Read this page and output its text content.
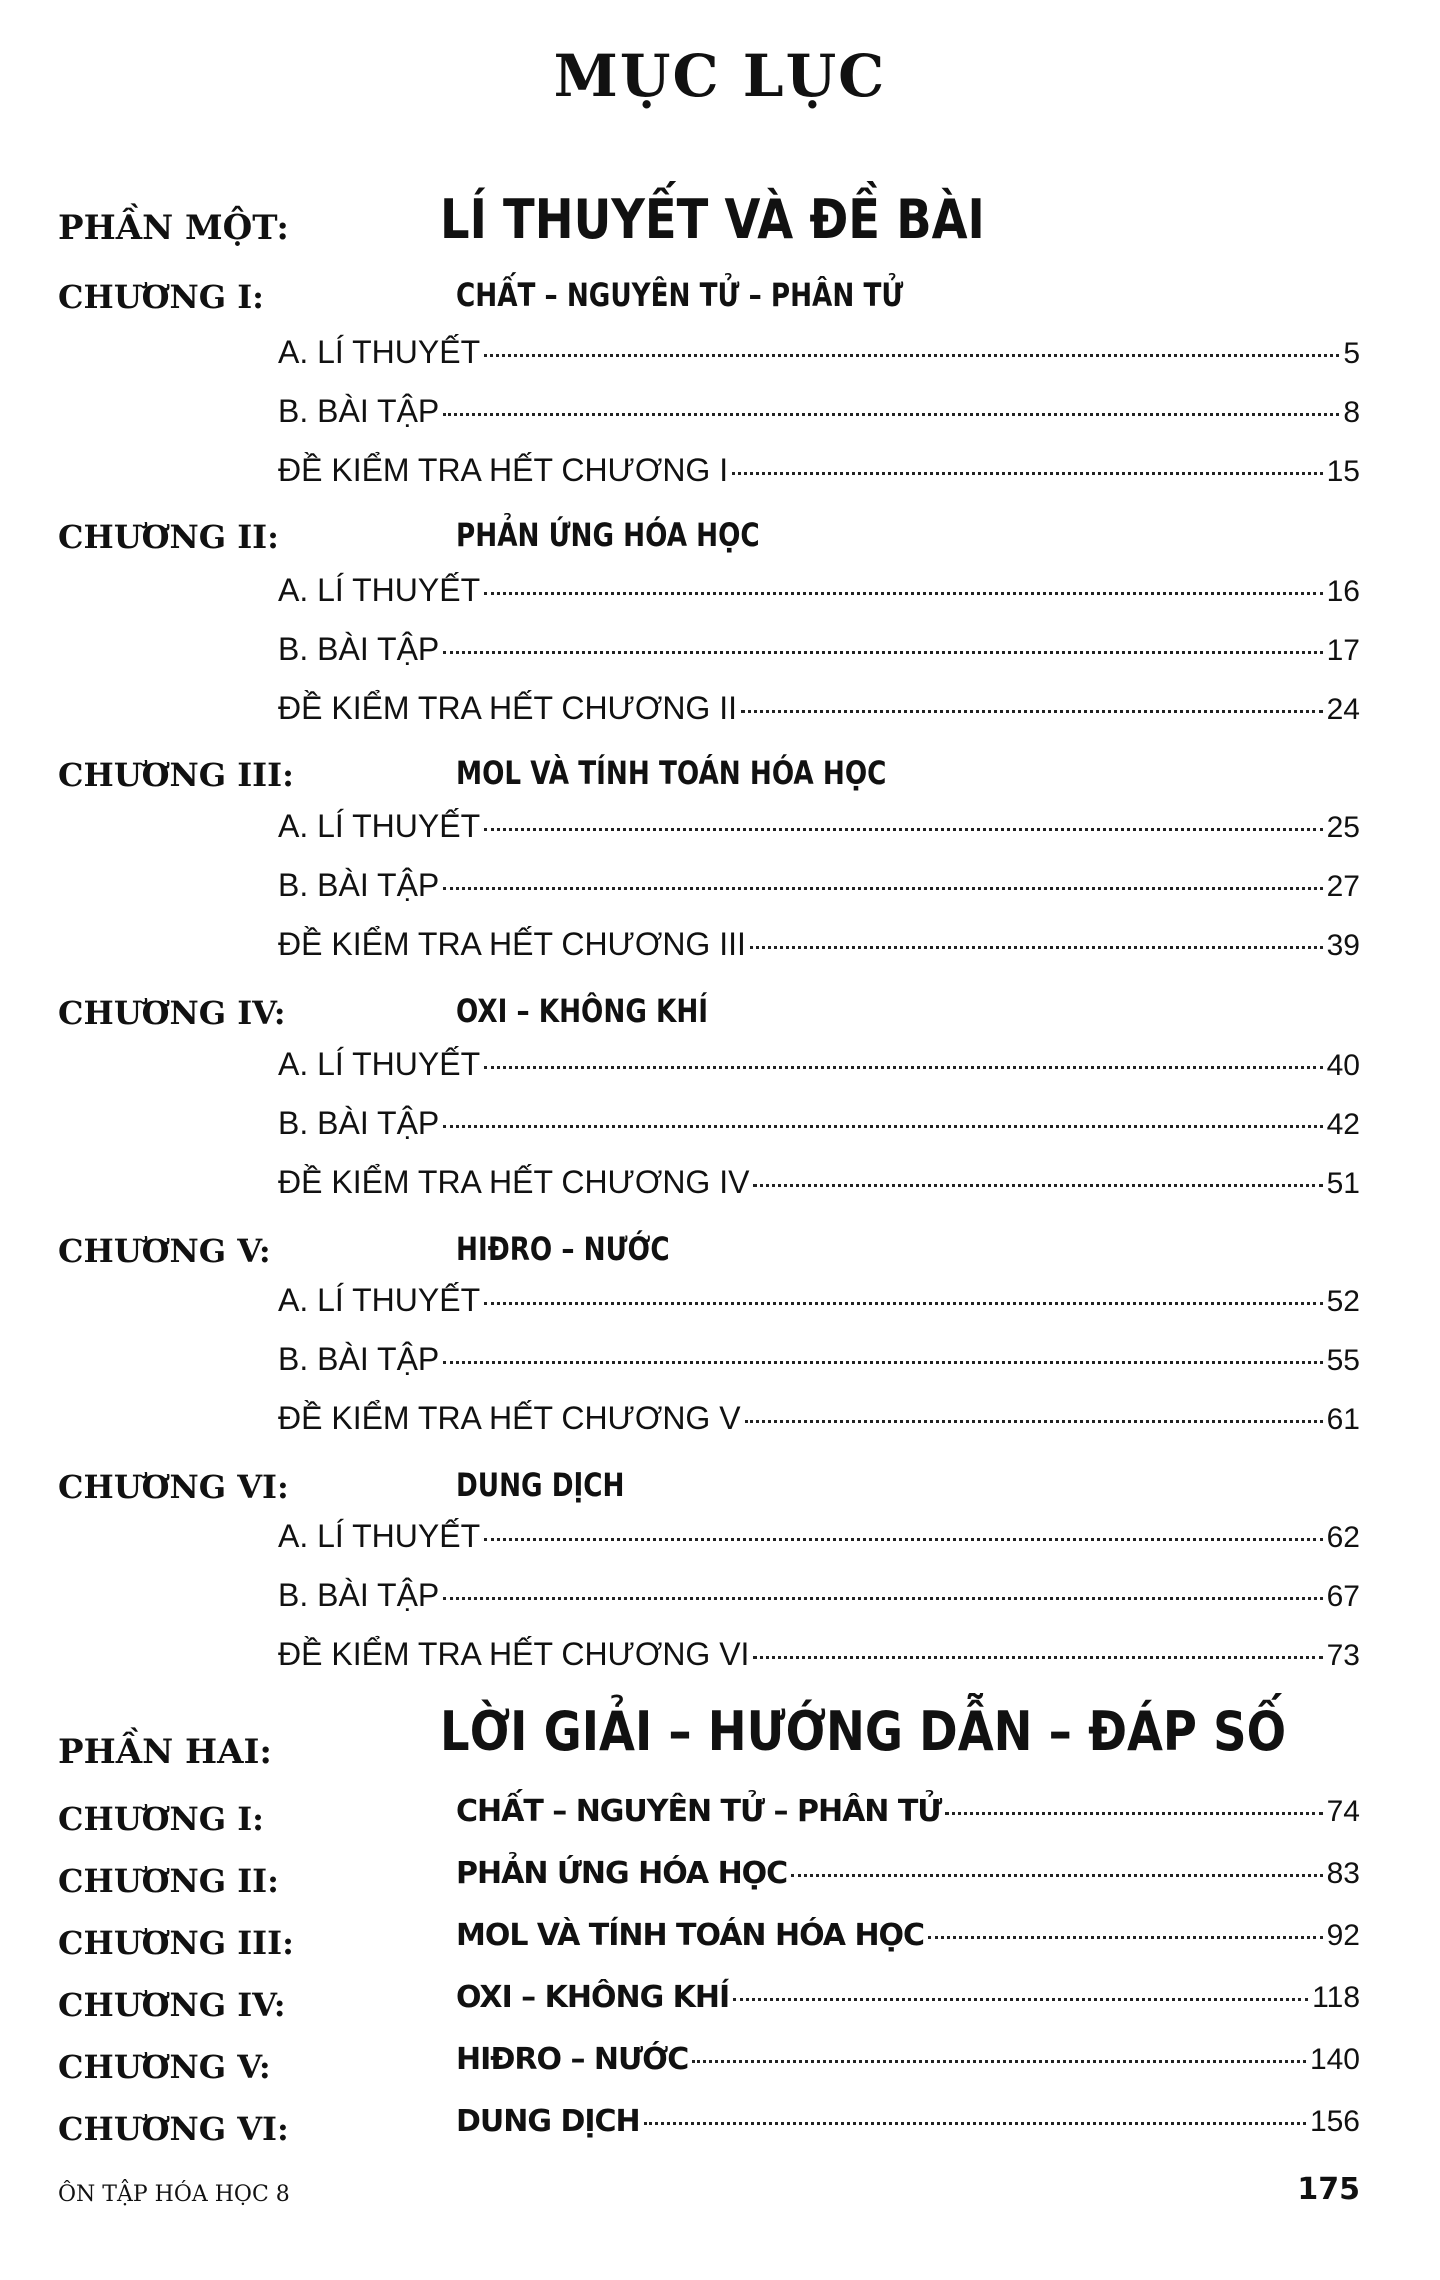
MỤC LỤC
PHẦN MỘT:	LÍ THUYẾT VÀ ĐỀ BÀI
CHƯƠNG I:	CHẤT – NGUYÊN TỬ – PHÂN TỬ
A. LÍ THUYẾT	5
B. BÀI TẬP	8
ĐỀ KIỂM TRA HẾT CHƯƠNG I	15
CHƯƠNG II:	PHẢN ỨNG HÓA HỌC
A. LÍ THUYẾT	16
B. BÀI TẬP	17
ĐỀ KIỂM TRA HẾT CHƯƠNG II	24
CHƯƠNG III:	MOL VÀ TÍNH TOÁN HÓA HỌC
A. LÍ THUYẾT	25
B. BÀI TẬP	27
ĐỀ KIỂM TRA HẾT CHƯƠNG III	39
CHƯƠNG IV:	OXI – KHÔNG KHÍ
A. LÍ THUYẾT	40
B. BÀI TẬP	42
ĐỀ KIỂM TRA HẾT CHƯƠNG IV	51
CHƯƠNG V:	HIĐRO – NƯỚC
A. LÍ THUYẾT	52
B. BÀI TẬP	55
ĐỀ KIỂM TRA HẾT CHƯƠNG V	61
CHƯƠNG VI:	DUNG DỊCH
A. LÍ THUYẾT	62
B. BÀI TẬP	67
ĐỀ KIỂM TRA HẾT CHƯƠNG VI	73
PHẦN HAI:	LỜI GIẢI – HƯỚNG DẪN – ĐÁP SỐ
CHƯƠNG I:	CHẤT – NGUYÊN TỬ – PHÂN TỬ	74
CHƯƠNG II:	PHẢN ỨNG HÓA HỌC	83
CHƯƠNG III:	MOL VÀ TÍNH TOÁN HÓA HỌC	92
CHƯƠNG IV:	OXI – KHÔNG KHÍ	118
CHƯƠNG V:	HIĐRO – NƯỚC	140
CHƯƠNG VI:	DUNG DỊCH	156
ÔN TẬP HÓA HỌC 8	175
